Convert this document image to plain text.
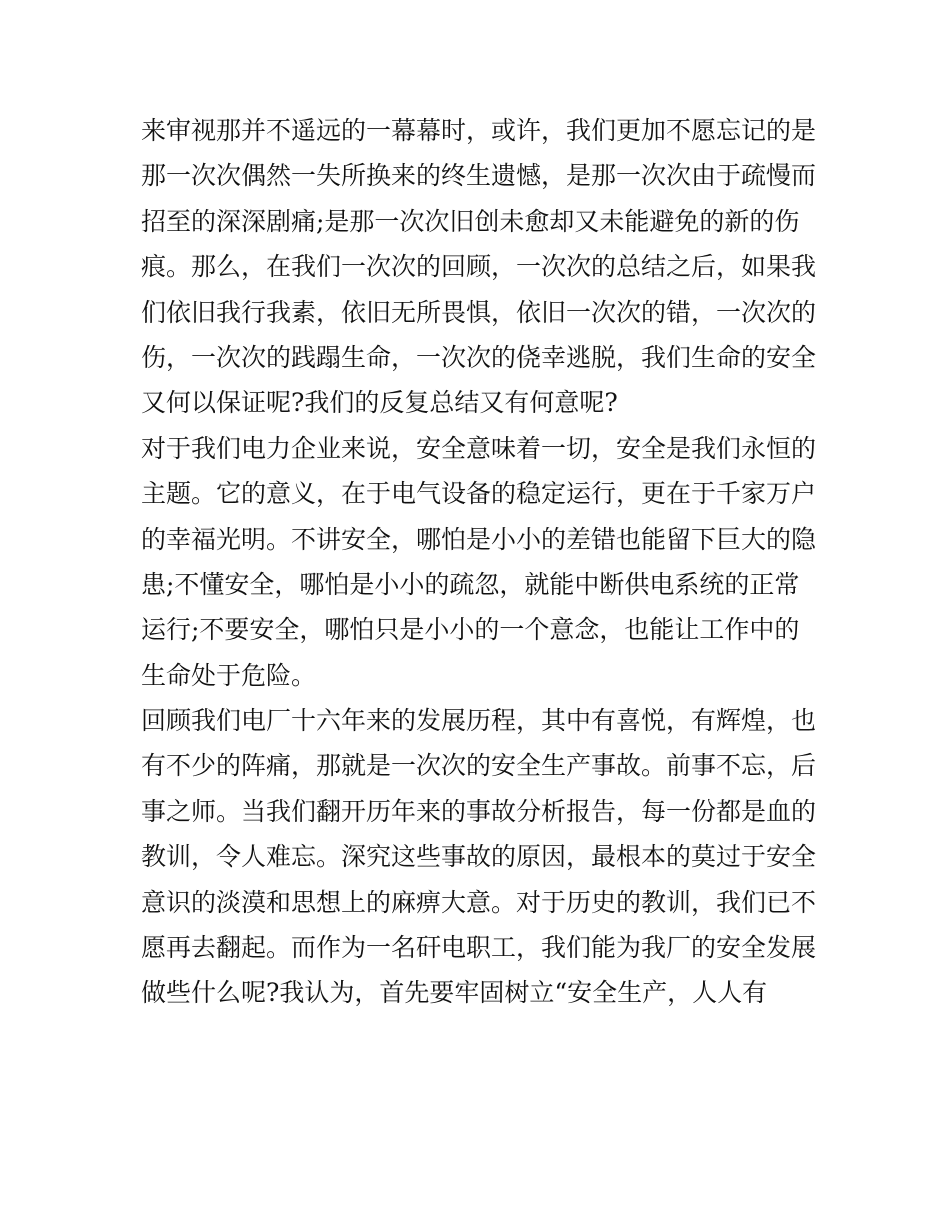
来审视那并不遥远的一幕幕时，或许，我们更加不愿忘记的是
那一次次偶然一失所换来的终生遗憾，是那一次次由于疏慢而
招至的深深剧痛;是那一次次旧创未愈却又未能避免的新的伤
痕。那么，在我们一次次的回顾，一次次的总结之后，如果我
们依旧我行我素，依旧无所畏惧，依旧一次次的错，一次次的
伤，一次次的践蹋生命，一次次的侥幸逃脱，我们生命的安全
又何以保证呢?我们的反复总结又有何意呢?
对于我们电力企业来说，安全意味着一切，安全是我们永恒的
主题。它的意义，在于电气设备的稳定运行，更在于千家万户
的幸福光明。不讲安全，哪怕是小小的差错也能留下巨大的隐
患;不懂安全，哪怕是小小的疏忽，就能中断供电系统的正常
运行;不要安全，哪怕只是小小的一个意念，也能让工作中的
生命处于危险。
回顾我们电厂十六年来的发展历程，其中有喜悦，有辉煌，也
有不少的阵痛，那就是一次次的安全生产事故。前事不忘，后
事之师。当我们翻开历年来的事故分析报告，每一份都是血的
教训，令人难忘。深究这些事故的原因，最根本的莫过于安全
意识的淡漠和思想上的麻痹大意。对于历史的教训，我们已不
愿再去翻起。而作为一名矸电职工，我们能为我厂的安全发展
做些什么呢?我认为，首先要牢固树立“安全生产，人人有
